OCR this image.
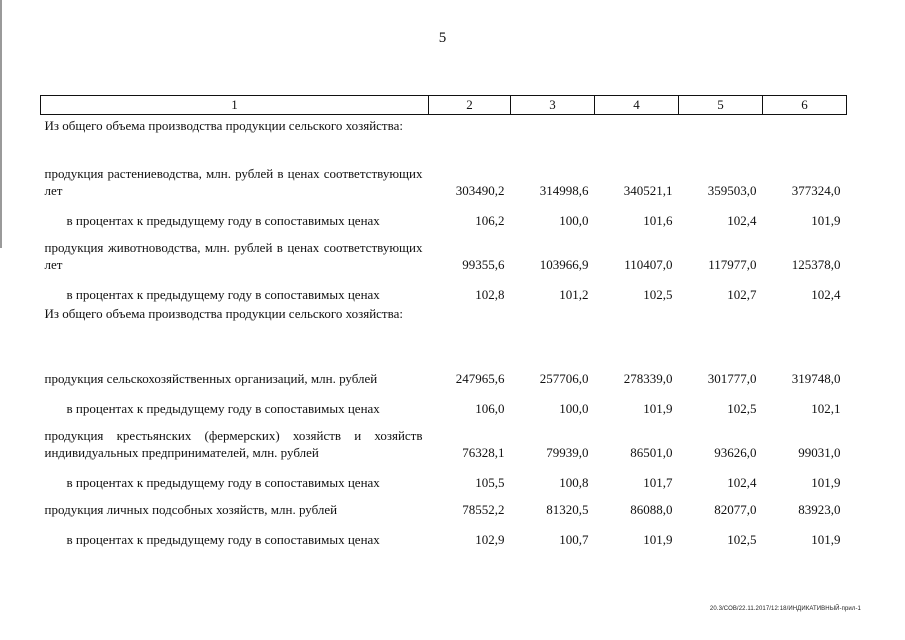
5
1	2	3	4	5	6
Из общего объема производства продукции сельского хозяйства:					
продукция растениеводства, млн. рублей в ценах соответствующих лет	303490,2	314998,6	340521,1	359503,0	377324,0
в процентах к предыдущему году в сопоставимых ценах	106,2	100,0	101,6	102,4	101,9
продукция животноводства, млн. рублей в ценах соответствующих лет	99355,6	103966,9	110407,0	117977,0	125378,0
в процентах к предыдущему году в сопоставимых ценах	102,8	101,2	102,5	102,7	102,4
Из общего объема производства продукции сельского хозяйства:					
продукция сельскохозяйственных организаций, млн. рублей	247965,6	257706,0	278339,0	301777,0	319748,0
в процентах к предыдущему году в сопоставимых ценах	106,0	100,0	101,9	102,5	102,1
продукция крестьянских (фермерских) хозяйств и хозяйств индивидуальных предпринимателей, млн. рублей	76328,1	79939,0	86501,0	93626,0	99031,0
в процентах к предыдущему году в сопоставимых ценах	105,5	100,8	101,7	102,4	101,9
продукция личных подсобных хозяйств, млн. рублей	78552,2	81320,5	86088,0	82077,0	83923,0
в процентах к предыдущему году в сопоставимых ценах	102,9	100,7	101,9	102,5	101,9
20.3/СОВ/22.11.2017/12:18/ИНДИКАТИВНЫЙ-прил-1
